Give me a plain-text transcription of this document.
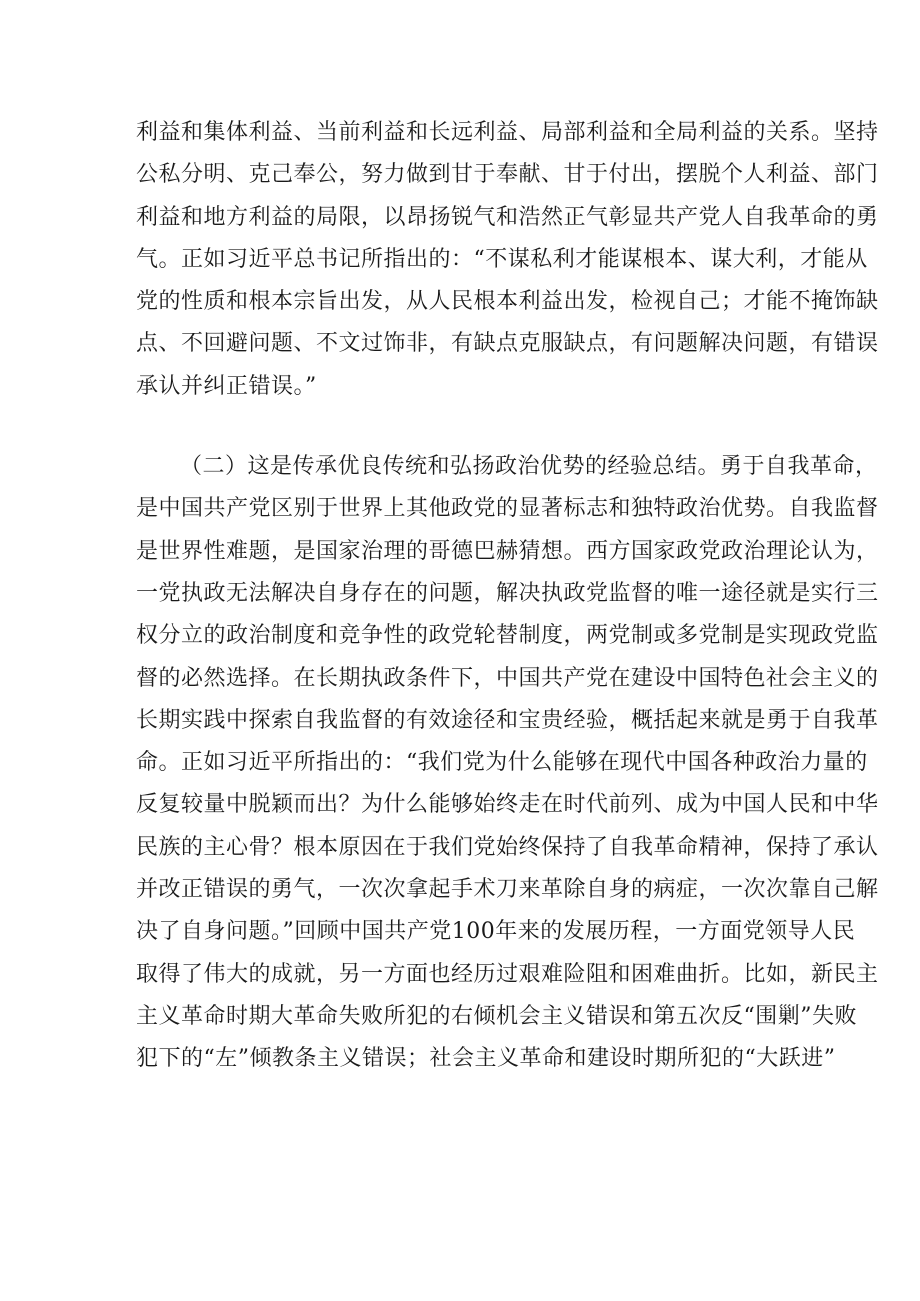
利益和集体利益、当前利益和长远利益、局部利益和全局利益的关系。坚持
公私分明、克己奉公，努力做到甘于奉献、甘于付出，摆脱个人利益、部门
利益和地方利益的局限，以昂扬锐气和浩然正气彰显共产党人自我革命的勇
气。正如习近平总书记所指出的：“不谋私利才能谋根本、谋大利，才能从
党的性质和根本宗旨出发，从人民根本利益出发，检视自己；才能不掩饰缺
点、不回避问题、不文过饰非，有缺点克服缺点，有问题解决问题，有错误
承认并纠正错误。”
（二）这是传承优良传统和弘扬政治优势的经验总结。勇于自我革命，
是中国共产党区别于世界上其他政党的显著标志和独特政治优势。自我监督
是世界性难题，是国家治理的哥德巴赫猜想。西方国家政党政治理论认为，
一党执政无法解决自身存在的问题，解决执政党监督的唯一途径就是实行三
权分立的政治制度和竞争性的政党轮替制度，两党制或多党制是实现政党监
督的必然选择。在长期执政条件下，中国共产党在建设中国特色社会主义的
长期实践中探索自我监督的有效途径和宝贵经验，概括起来就是勇于自我革
命。正如习近平所指出的：“我们党为什么能够在现代中国各种政治力量的
反复较量中脱颖而出？为什么能够始终走在时代前列、成为中国人民和中华
民族的主心骨？根本原因在于我们党始终保持了自我革命精神，保持了承认
并改正错误的勇气，一次次拿起手术刀来革除自身的病症，一次次靠自己解
决了自身问题。”回顾中国共产党100年来的发展历程，一方面党领导人民
取得了伟大的成就，另一方面也经历过艰难险阻和困难曲折。比如，新民主
主义革命时期大革命失败所犯的右倾机会主义错误和第五次反“围剿”失败
犯下的“左”倾教条主义错误；社会主义革命和建设时期所犯的“大跃进”
